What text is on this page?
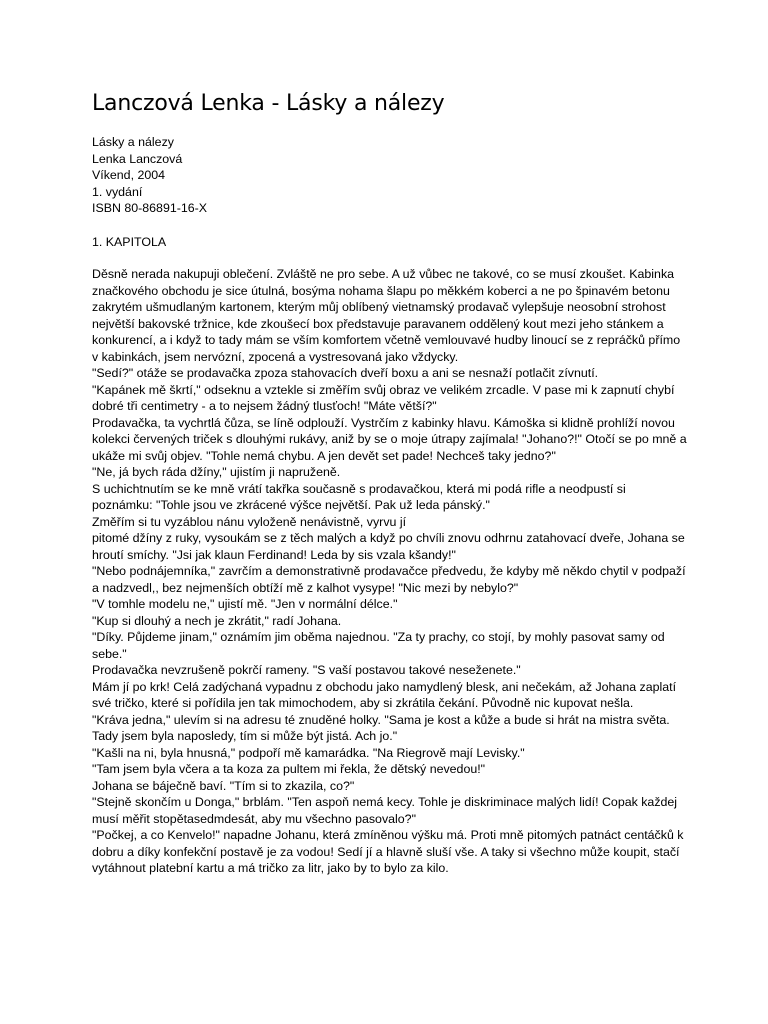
Lanczová Lenka - Lásky a nálezy
Lásky a nálezy
Lenka Lanczová
Víkend, 2004
1. vydání
ISBN 80-86891-16-X
1. KAPITOLA

Děsně nerada nakupuji oblečení. Zvláště ne pro sebe. A už vůbec ne takové, co se musí zkoušet. Kabinka značkového obchodu je sice útulná, bosýma nohama šlapu po měkkém koberci a ne po špinavém betonu zakrytém ušmudlaným kartonem, kterým můj oblíbený vietnamský prodavač vylepšuje neosobní strohost největší bakovské tržnice, kde zkoušecí box představuje paravanem oddělený kout mezi jeho stánkem a konkurencí, a i když to tady mám se vším komfortem včetně vemlouvavé hudby linoucí se z repráčků přímo v kabinkách, jsem nervózní, zpocená a vystresovaná jako vždycky.

"Sedí?" otáže se prodavačka zpoza stahovacích dveří boxu a ani se nesnaží potlačit zívnutí.

"Kapánek mě škrtí," odseknu a vztekle si změřím svůj obraz ve velikém zrcadle. V pase mi k zapnutí chybí dobré tři centimetry - a to nejsem žádný tlusťoch! "Máte větší?"

Prodavačka, ta vychrtlá čůza, se líně odplouží. Vystrčím z kabinky hlavu. Kámoška si klidně prohlíží novou kolekci červených triček s dlouhými rukávy, aniž by se o moje útrapy zajímala! "Johano?!" Otočí se po mně a ukáže mi svůj objev. "Tohle nemá chybu. A jen devět set pade! Nechceš taky jedno?"

"Ne, já bych ráda džíny," ujistím ji napruženě.

S uchichtnutím se ke mně vrátí takřka současně s prodavačkou, která mi podá rifle a neodpustí si poznámku: "Tohle jsou ve zkrácené výšce největší. Pak už leda pánský."

Změřím si tu vyzáblou nánu vyloženě nenávistně, vyrvu jí

pitomé džíny z ruky, vysoukám se z těch malých a když po chvíli znovu odhrnu zatahovací dveře, Johana se hroutí smíchy. "Jsi jak klaun Ferdinand! Leda by sis vzala kšandy!"

"Nebo podnájemníka," zavrčím a demonstrativně prodavačce předvedu, že kdyby mě někdo chytil v podpaží a nadzvedl,, bez nejmenších obtíží mě z kalhot vysype! "Nic mezi by nebylo?"

"V tomhle modelu ne," ujistí mě. "Jen v normální délce."

"Kup si dlouhý a nech je zkrátit," radí Johana.

"Díky. Půjdeme jinam," oznámím jim oběma najednou. "Za ty prachy, co stojí, by mohly pasovat samy od sebe."

Prodavačka nevzrušeně pokrčí rameny. "S vaší postavou takové neseženete."

Mám jí po krk! Celá zadýchaná vypadnu z obchodu jako namydlený blesk, ani nečekám, až Johana zaplatí své tričko, které si pořídila jen tak mimochodem, aby si zkrátila čekání. Původně nic kupovat nešla.

"Kráva jedna," ulevím si na adresu té znuděné holky. "Sama je kost a kůže a bude si hrát na mistra světa. Tady jsem byla naposledy, tím si může být jistá. Ach jo."

"Kašli na ni, byla hnusná," podpoří mě kamarádka. "Na Riegrově mají Levisky."

"Tam jsem byla včera a ta koza za pultem mi řekla, že dětský nevedou!"

Johana se báječně baví. "Tím si to zkazila, co?"

"Stejně skončím u Donga," brblám. "Ten aspoň nemá kecy. Tohle je diskriminace malých lidí! Copak každej musí měřit stopětasedmdesát, aby mu všechno pasovalo?"

"Počkej, a co Kenvelo!" napadne Johanu, která zmíněnou výšku má. Proti mně pitomých patnáct centáčků k dobru a díky konfekční postavě je za vodou! Sedí jí a hlavně sluší vše. A taky si všechno může koupit, stačí vytáhnout platební kartu a má tričko za litr, jako by to bylo za kilo.
